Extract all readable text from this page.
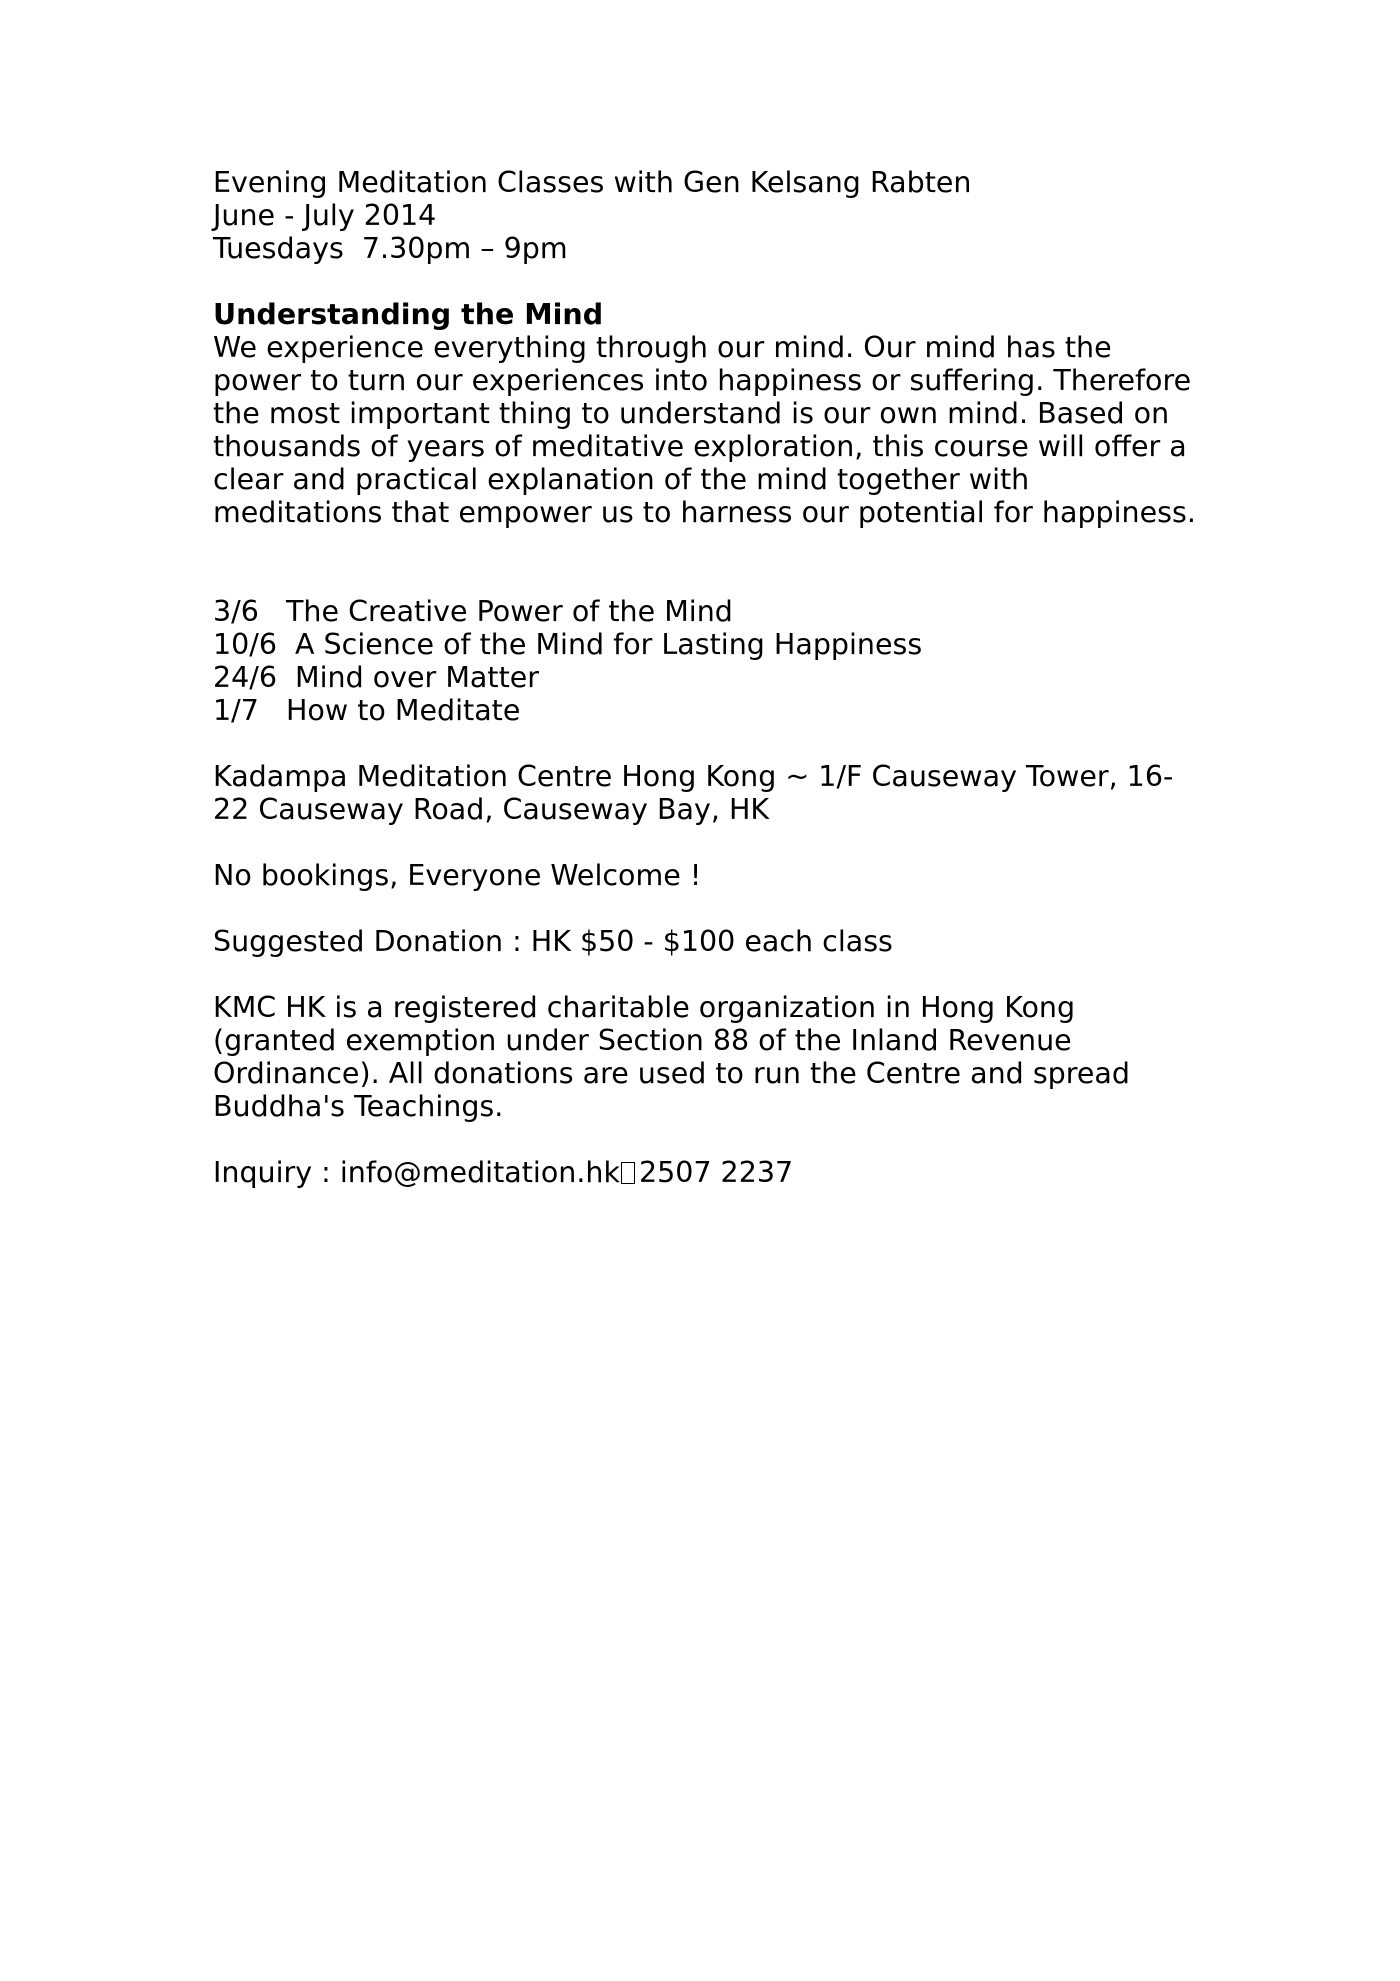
Evening Meditation Classes with Gen Kelsang Rabten
June - July 2014
Tuesdays  7.30pm – 9pm
Understanding the Mind
We experience everything through our mind. Our mind has the
power to turn our experiences into happiness or suffering. Therefore
the most important thing to understand is our own mind. Based on
thousands of years of meditative exploration, this course will offer a
clear and practical explanation of the mind together with
meditations that empower us to harness our potential for happiness.
3/6 The Creative Power of the Mind
10/6 A Science of the Mind for Lasting Happiness
24/6 Mind over Matter
1/7 How to Meditate
Kadampa Meditation Centre Hong Kong ~ 1/F Causeway Tower, 16-
22 Causeway Road, Causeway Bay, HK
No bookings, Everyone Welcome !
Suggested Donation : HK $50 - $100 each class
KMC HK is a registered charitable organization in Hong Kong
(granted exemption under Section 88 of the Inland Revenue
Ordinance). All donations are used to run the Centre and spread
Buddha's Teachings.
Inquiry : info@meditation.hk 2507 2237
